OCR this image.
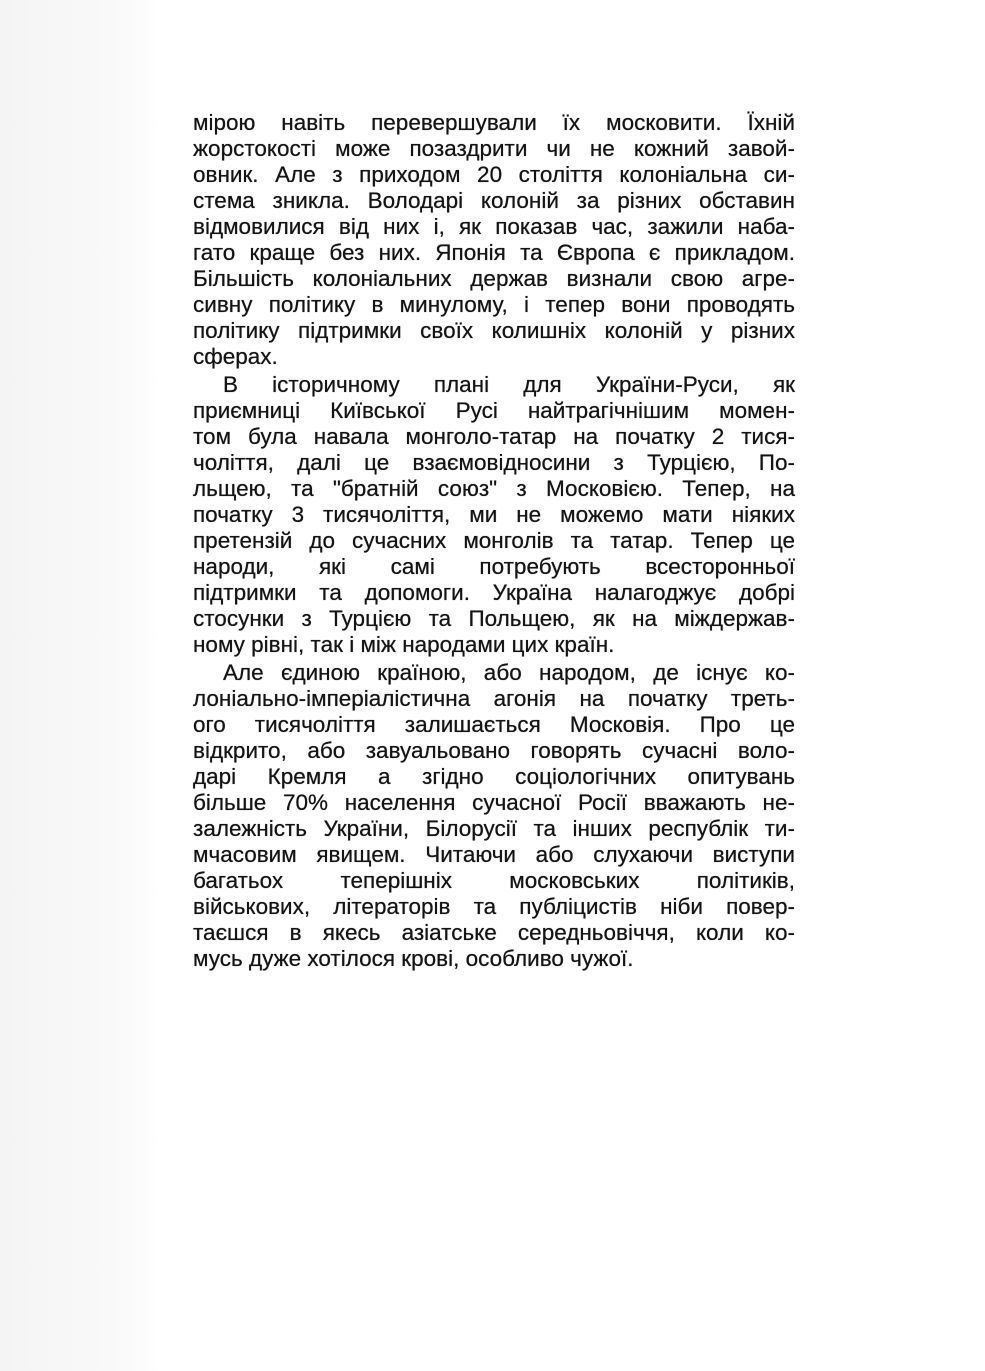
мірою навіть перевершували їх московити. Їхній
жорстокості може позаздрити чи не кожний завой-
овник. Але з приходом 20 століття колоніальна си-
стема зникла. Володарі колоній за різних обставин
відмовилися від них і, як показав час, зажили наба-
гато краще без них. Японія та Європа є прикладом.
Більшість колоніальних держав визнали свою агре-
сивну політику в минулому, і тепер вони проводять
політику підтримки своїх колишніх колоній у різних
сферах.
В історичному плані для України-Руси, як
приємниці Київської Русі найтрагічнішим момен-
том була навала монголо-татар на початку 2 тися-
чоліття, далі це взаємовідносини з Турцією, По-
льщею, та "братній союз" з Московією. Тепер, на
початку 3 тисячоліття, ми не можемо мати ніяких
претензій до сучасних монголів та татар. Тепер це
народи, які самі потребують всесторонньої
підтримки та допомоги. Україна налагоджує добрі
стосунки з Турцією та Польщею, як на міждержав-
ному рівні, так і між народами цих країн.
Але єдиною країною, або народом, де існує ко-
лоніально-імперіалістична агонія на початку треть-
ого тисячоліття залишається Московія. Про це
відкрито, або завуальовано говорять сучасні воло-
дарі Кремля а згідно соціологічних опитувань
більше 70% населення сучасної Росії вважають не-
залежність України, Білорусії та інших республік ти-
мчасовим явищем. Читаючи або слухаючи виступи
багатьох теперішніх московських політиків,
військових, літераторів та публіцистів ніби повер-
таєшся в якесь азіатське середньовіччя, коли ко-
мусь дуже хотілося крові, особливо чужої.
